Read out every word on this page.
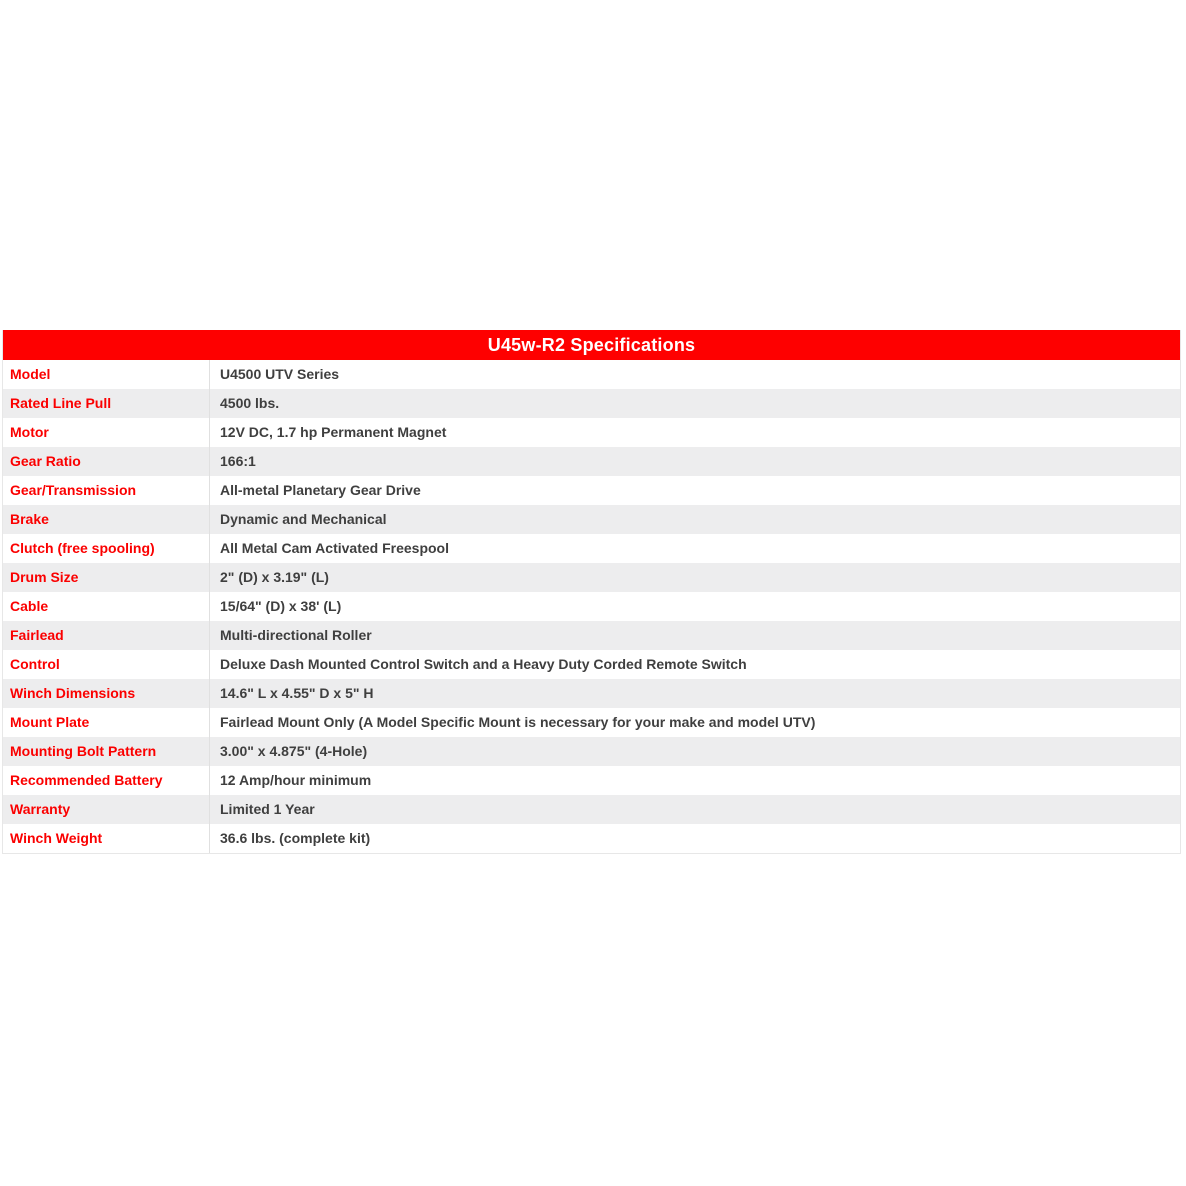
U45w-R2 Specifications
Model	U4500 UTV Series
Rated Line Pull	4500 lbs.
Motor	12V DC, 1.7 hp Permanent Magnet
Gear Ratio	166:1
Gear/Transmission	All-metal Planetary Gear Drive
Brake	Dynamic and Mechanical
Clutch (free spooling)	All Metal Cam Activated Freespool
Drum Size	2" (D) x 3.19" (L)
Cable	15/64" (D) x 38' (L)
Fairlead	Multi-directional Roller
Control	Deluxe Dash Mounted Control Switch and a Heavy Duty Corded Remote Switch
Winch Dimensions	14.6" L x 4.55" D x 5" H
Mount Plate	Fairlead Mount Only (A Model Specific Mount is necessary for your make and model UTV)
Mounting Bolt Pattern	3.00" x 4.875" (4-Hole)
Recommended Battery	12 Amp/hour minimum
Warranty	Limited 1 Year
Winch Weight	36.6 lbs. (complete kit)
